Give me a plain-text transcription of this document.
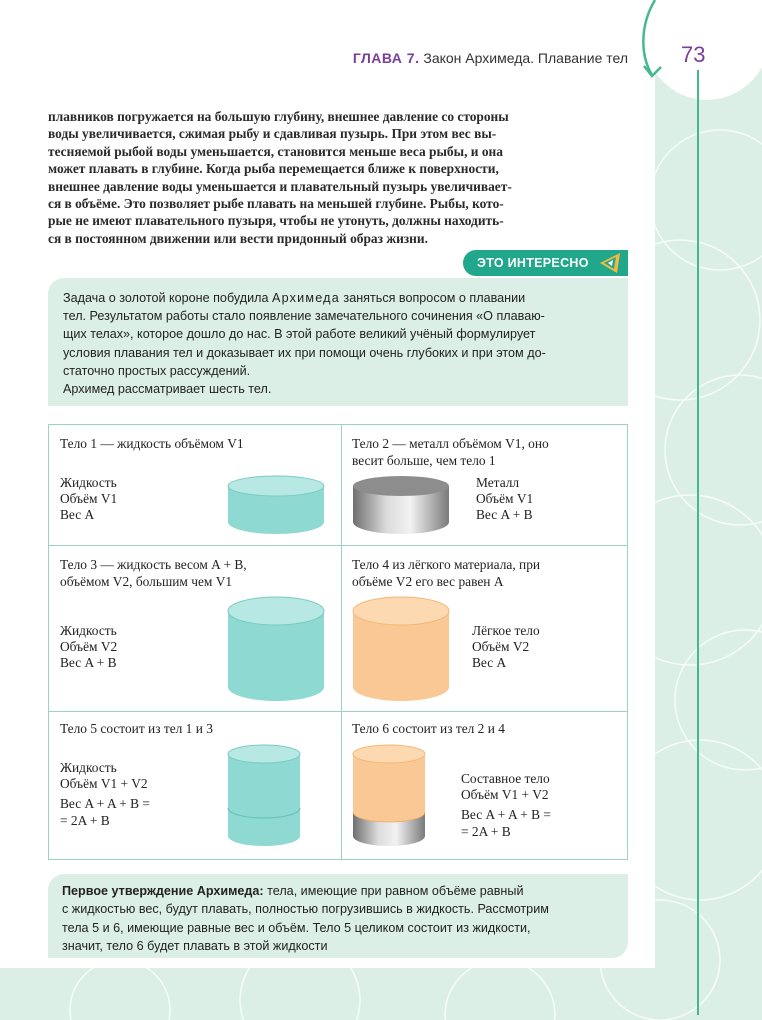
ГЛАВА 7. Закон Архимеда. Плавание тел 73
плавников погружается на большую глубину, внешнее давление со стороны
воды увеличивается, сжимая рыбу и сдавливая пузырь. При этом вес вы-
тесняемой рыбой воды уменьшается, становится меньше веса рыбы, и она
может плавать в глубине. Когда рыба перемещается ближе к поверхности,
внешнее давление воды уменьшается и плавательный пузырь увеличивает-
ся в объёме. Это позволяет рыбе плавать на меньшей глубине. Рыбы, кото-
рые не имеют плавательного пузыря, чтобы не утонуть, должны находить-
ся в постоянном движении или вести придонный образ жизни.
ЭТО ИНТЕРЕСНО
Задача о золотой короне побудила Архимеда заняться вопросом о плавании
тел. Результатом работы стало появление замечательного сочинения «О плаваю-
щих телах», которое дошло до нас. В этой работе великий учёный формулирует
условия плавания тел и доказывает их при помощи очень глубоких и при этом до-
статочно простых рассуждений.
Архимед рассматривает шесть тел.
Тело 1 — жидкость объёмом V1
Жидкость
Объём V1
Вес A
Тело 2 — металл объёмом V1, оно
весит больше, чем тело 1
Металл
Объём V1
Вес A + B
Тело 3 — жидкость весом A + B,
объёмом V2, большим чем V1
Жидкость
Объём V2
Вес A + B
Тело 4 из лёгкого материала, при
объёме V2 его вес равен A
Лёгкое тело
Объём V2
Вес A
Тело 5 состоит из тел 1 и 3
Жидкость
Объём V1 + V2
Вес A + A + B =
= 2A + B
Тело 6 состоит из тел 2 и 4
Составное тело
Объём V1 + V2
Вес A + A + B =
= 2A + B
Первое утверждение Архимеда: тела, имеющие при равном объёме равный
с жидкостью вес, будут плавать, полностью погрузившись в жидкость. Рассмотрим
тела 5 и 6, имеющие равные вес и объём. Тело 5 целиком состоит из жидкости,
значит, тело 6 будет плавать в этой жидкости
